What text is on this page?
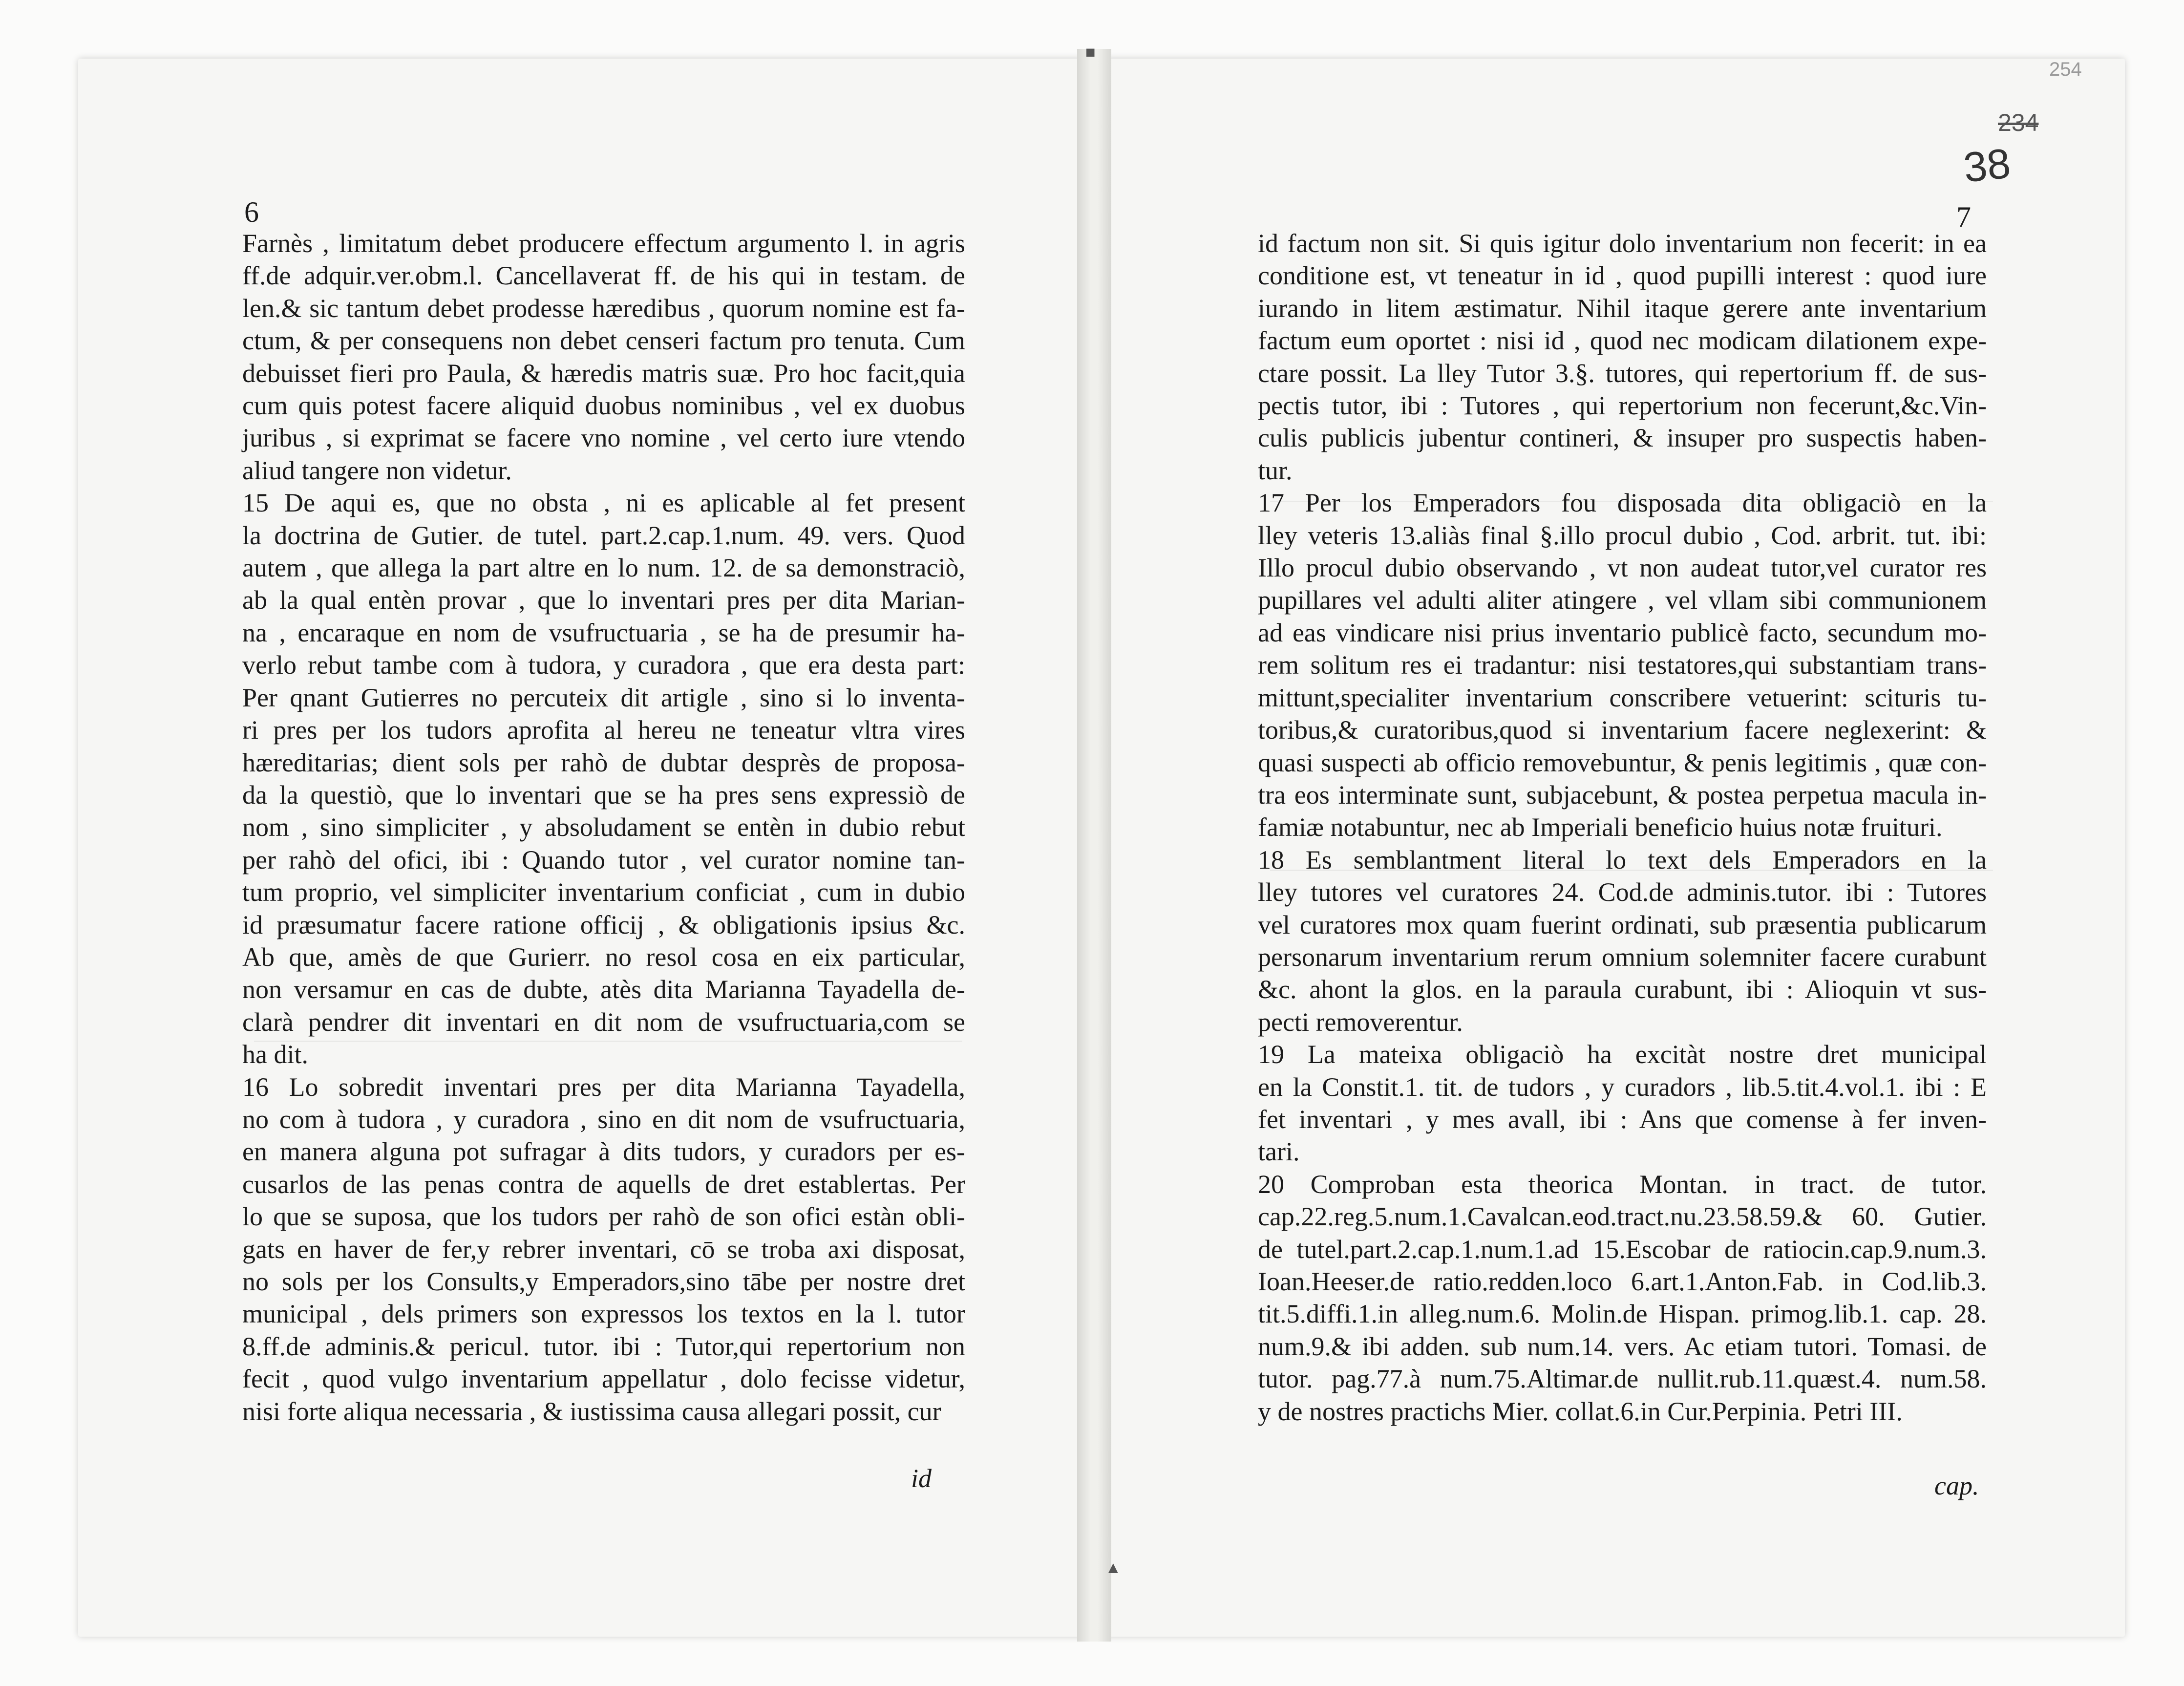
■
▲
6

Farnès , limitatum debet producere effectum argumento l. in agris

ff.de adquir.ver.obm.l. Cancellaverat ff. de his qui in testam. de

len.& sic tantum debet prodesse hæredibus , quorum nomine est fa-

ctum, & per consequens non debet censeri factum pro tenuta. Cum

debuisset fieri pro Paula, & hæredis matris suæ. Pro hoc facit,quia

cum quis potest facere aliquid duobus nominibus , vel ex duobus

juribus , si exprimat se facere vno nomine , vel certo iure vtendo

aliud tangere non videtur.

15 De aqui es, que no obsta , ni es aplicable al fet present

la doctrina de Gutier. de tutel. part.2.cap.1.num. 49. vers. Quod

autem , que allega la part altre en lo num. 12. de sa demonstraciò,

ab la qual entèn provar , que lo inventari pres per dita Marian-

na , encaraque en nom de vsufructuaria , se ha de presumir ha-

verlo rebut tambe com à tudora, y curadora , que era desta part:

Per qnant Gutierres no percuteix dit artigle , sino si lo inventa-

ri pres per los tudors aprofita al hereu ne teneatur vltra vires

hæreditarias; dient sols per rahò de dubtar desprès de proposa-

da la questiò, que lo inventari que se ha pres sens expressiò de

nom , sino simpliciter , y absoludament se entèn in dubio rebut

per rahò del ofici, ibi : Quando tutor , vel curator nomine tan-

tum proprio, vel simpliciter inventarium conficiat , cum in dubio

id præsumatur facere ratione officij , & obligationis ipsius &c.

Ab que, amès de que Gurierr. no resol cosa en eix particular,

non versamur en cas de dubte, atès dita Marianna Tayadella de-

clarà pendrer dit inventari en dit nom de vsufructuaria,com se

ha dit.

16 Lo sobredit inventari pres per dita Marianna Tayadella,

no com à tudora , y curadora , sino en dit nom de vsufructuaria,

en manera alguna pot sufragar à dits tudors, y curadors per es-

cusarlos de las penas contra de aquells de dret establertas. Per

lo que se suposa, que los tudors per rahò de son ofici estàn obli-

gats en haver de fer,y rebrer inventari, cō se troba axi disposat,

no sols per los Consults,y Emperadors,sino tābe per nostre dret

municipal , dels primers son expressos los textos en la l. tutor

8.ff.de adminis.& pericul. tutor. ibi : Tutor,qui repertorium non

fecit , quod vulgo inventarium appellatur , dolo fecisse videtur,

nisi forte aliqua necessaria , & iustissima causa allegari possit, cur

id
254
234
38
7

id factum non sit. Si quis igitur dolo inventarium non fecerit: in ea

conditione est, vt teneatur in id , quod pupilli interest : quod iure

iurando in litem æstimatur. Nihil itaque gerere ante inventarium

factum eum oportet : nisi id , quod nec modicam dilationem expe-

ctare possit. La lley Tutor 3.§. tutores, qui repertorium ff. de sus-

pectis tutor, ibi : Tutores , qui repertorium non fecerunt,&c.Vin-

culis publicis jubentur contineri, & insuper pro suspectis haben-

tur.

17 Per los Emperadors fou disposada dita obligaciò en la

lley veteris 13.aliàs final §.illo procul dubio , Cod. arbrit. tut. ibi:

Illo procul dubio observando , vt non audeat tutor,vel curator res

pupillares vel adulti aliter atingere , vel vllam sibi communionem

ad eas vindicare nisi prius inventario publicè facto, secundum mo-

rem solitum res ei tradantur: nisi testatores,qui substantiam trans-

mittunt,specialiter inventarium conscribere vetuerint: scituris tu-

toribus,& curatoribus,quod si inventarium facere neglexerint: &

quasi suspecti ab officio removebuntur, & penis legitimis , quæ con-

tra eos interminate sunt, subjacebunt, & postea perpetua macula in-

famiæ notabuntur, nec ab Imperiali beneficio huius notæ fruituri.

18 Es semblantment literal lo text dels Emperadors en la

lley tutores vel curatores 24. Cod.de adminis.tutor. ibi : Tutores

vel curatores mox quam fuerint ordinati, sub præsentia publicarum

personarum inventarium rerum omnium solemniter facere curabunt

&c. ahont la glos. en la paraula curabunt, ibi : Alioquin vt sus-

pecti removerentur.

19 La mateixa obligaciò ha excitàt nostre dret municipal

en la Constit.1. tit. de tudors , y curadors , lib.5.tit.4.vol.1. ibi : E

fet inventari , y mes avall, ibi : Ans que comense à fer inven-

tari.

20 Comproban esta theorica Montan. in tract. de tutor.

cap.22.reg.5.num.1.Cavalcan.eod.tract.nu.23.58.59.& 60. Gutier.

de tutel.part.2.cap.1.num.1.ad 15.Escobar de ratiocin.cap.9.num.3.

Ioan.Heeser.de ratio.redden.loco 6.art.1.Anton.Fab. in Cod.lib.3.

tit.5.diffi.1.in alleg.num.6. Molin.de Hispan. primog.lib.1. cap. 28.

num.9.& ibi adden. sub num.14. vers. Ac etiam tutori. Tomasi. de

tutor. pag.77.à num.75.Altimar.de nullit.rub.11.quæst.4. num.58.

y de nostres practichs Mier. collat.6.in Cur.Perpinia. Petri III.

cap.
